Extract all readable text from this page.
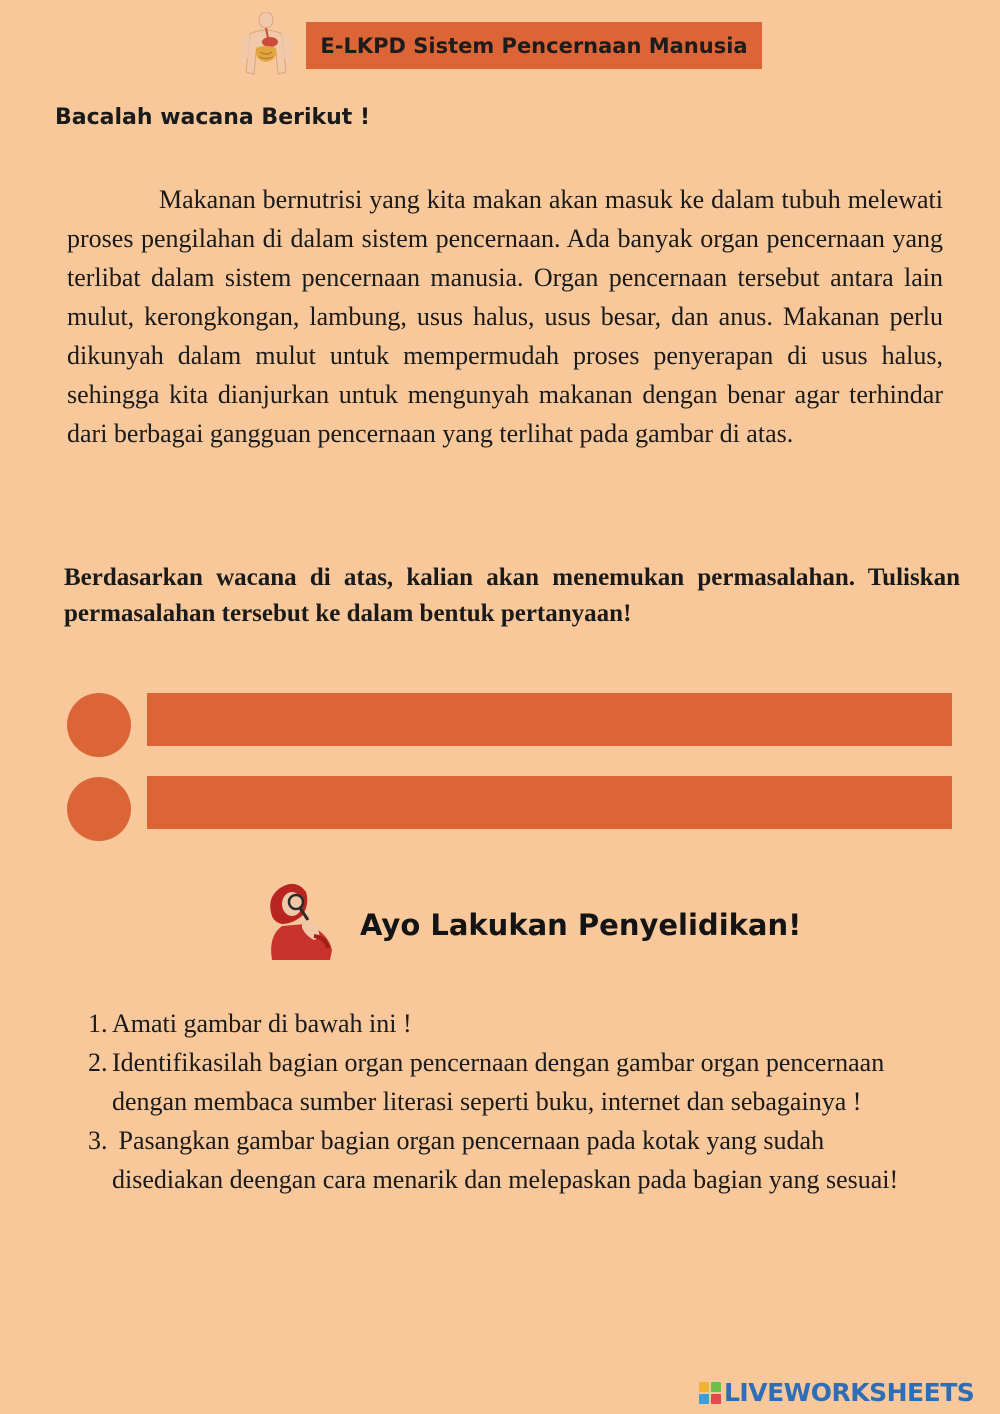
E-LKPD Sistem Pencernaan Manusia
Bacalah wacana Berikut !

Makanan bernutrisi yang kita makan akan masuk ke dalam tubuh melewati proses pengilahan di dalam sistem pencernaan. Ada banyak organ pencernaan yang terlibat dalam sistem pencernaan manusia. Organ pencernaan tersebut antara lain mulut, kerongkongan, lambung, usus halus, usus besar, dan anus. Makanan perlu dikunyah dalam mulut untuk mempermudah proses penyerapan di usus halus, sehingga kita dianjurkan untuk mengunyah makanan dengan benar agar terhindar dari berbagai gangguan pencernaan yang terlihat pada gambar di atas.

Berdasarkan wacana di atas, kalian akan menemukan permasalahan. Tuliskan permasalahan tersebut ke dalam bentuk pertanyaan!

Ayo Lakukan Penyelidikan!
1. Amati gambar di bawah ini !
2. Identifikasilah bagian organ pencernaan dengan gambar organ pencernaan dengan membaca sumber literasi seperti buku, internet dan sebagainya !
3. Pasangkan gambar bagian organ pencernaan pada kotak yang sudah disediakan deengan cara menarik dan melepaskan pada bagian yang sesuai!
LIVEWORKSHEETS
